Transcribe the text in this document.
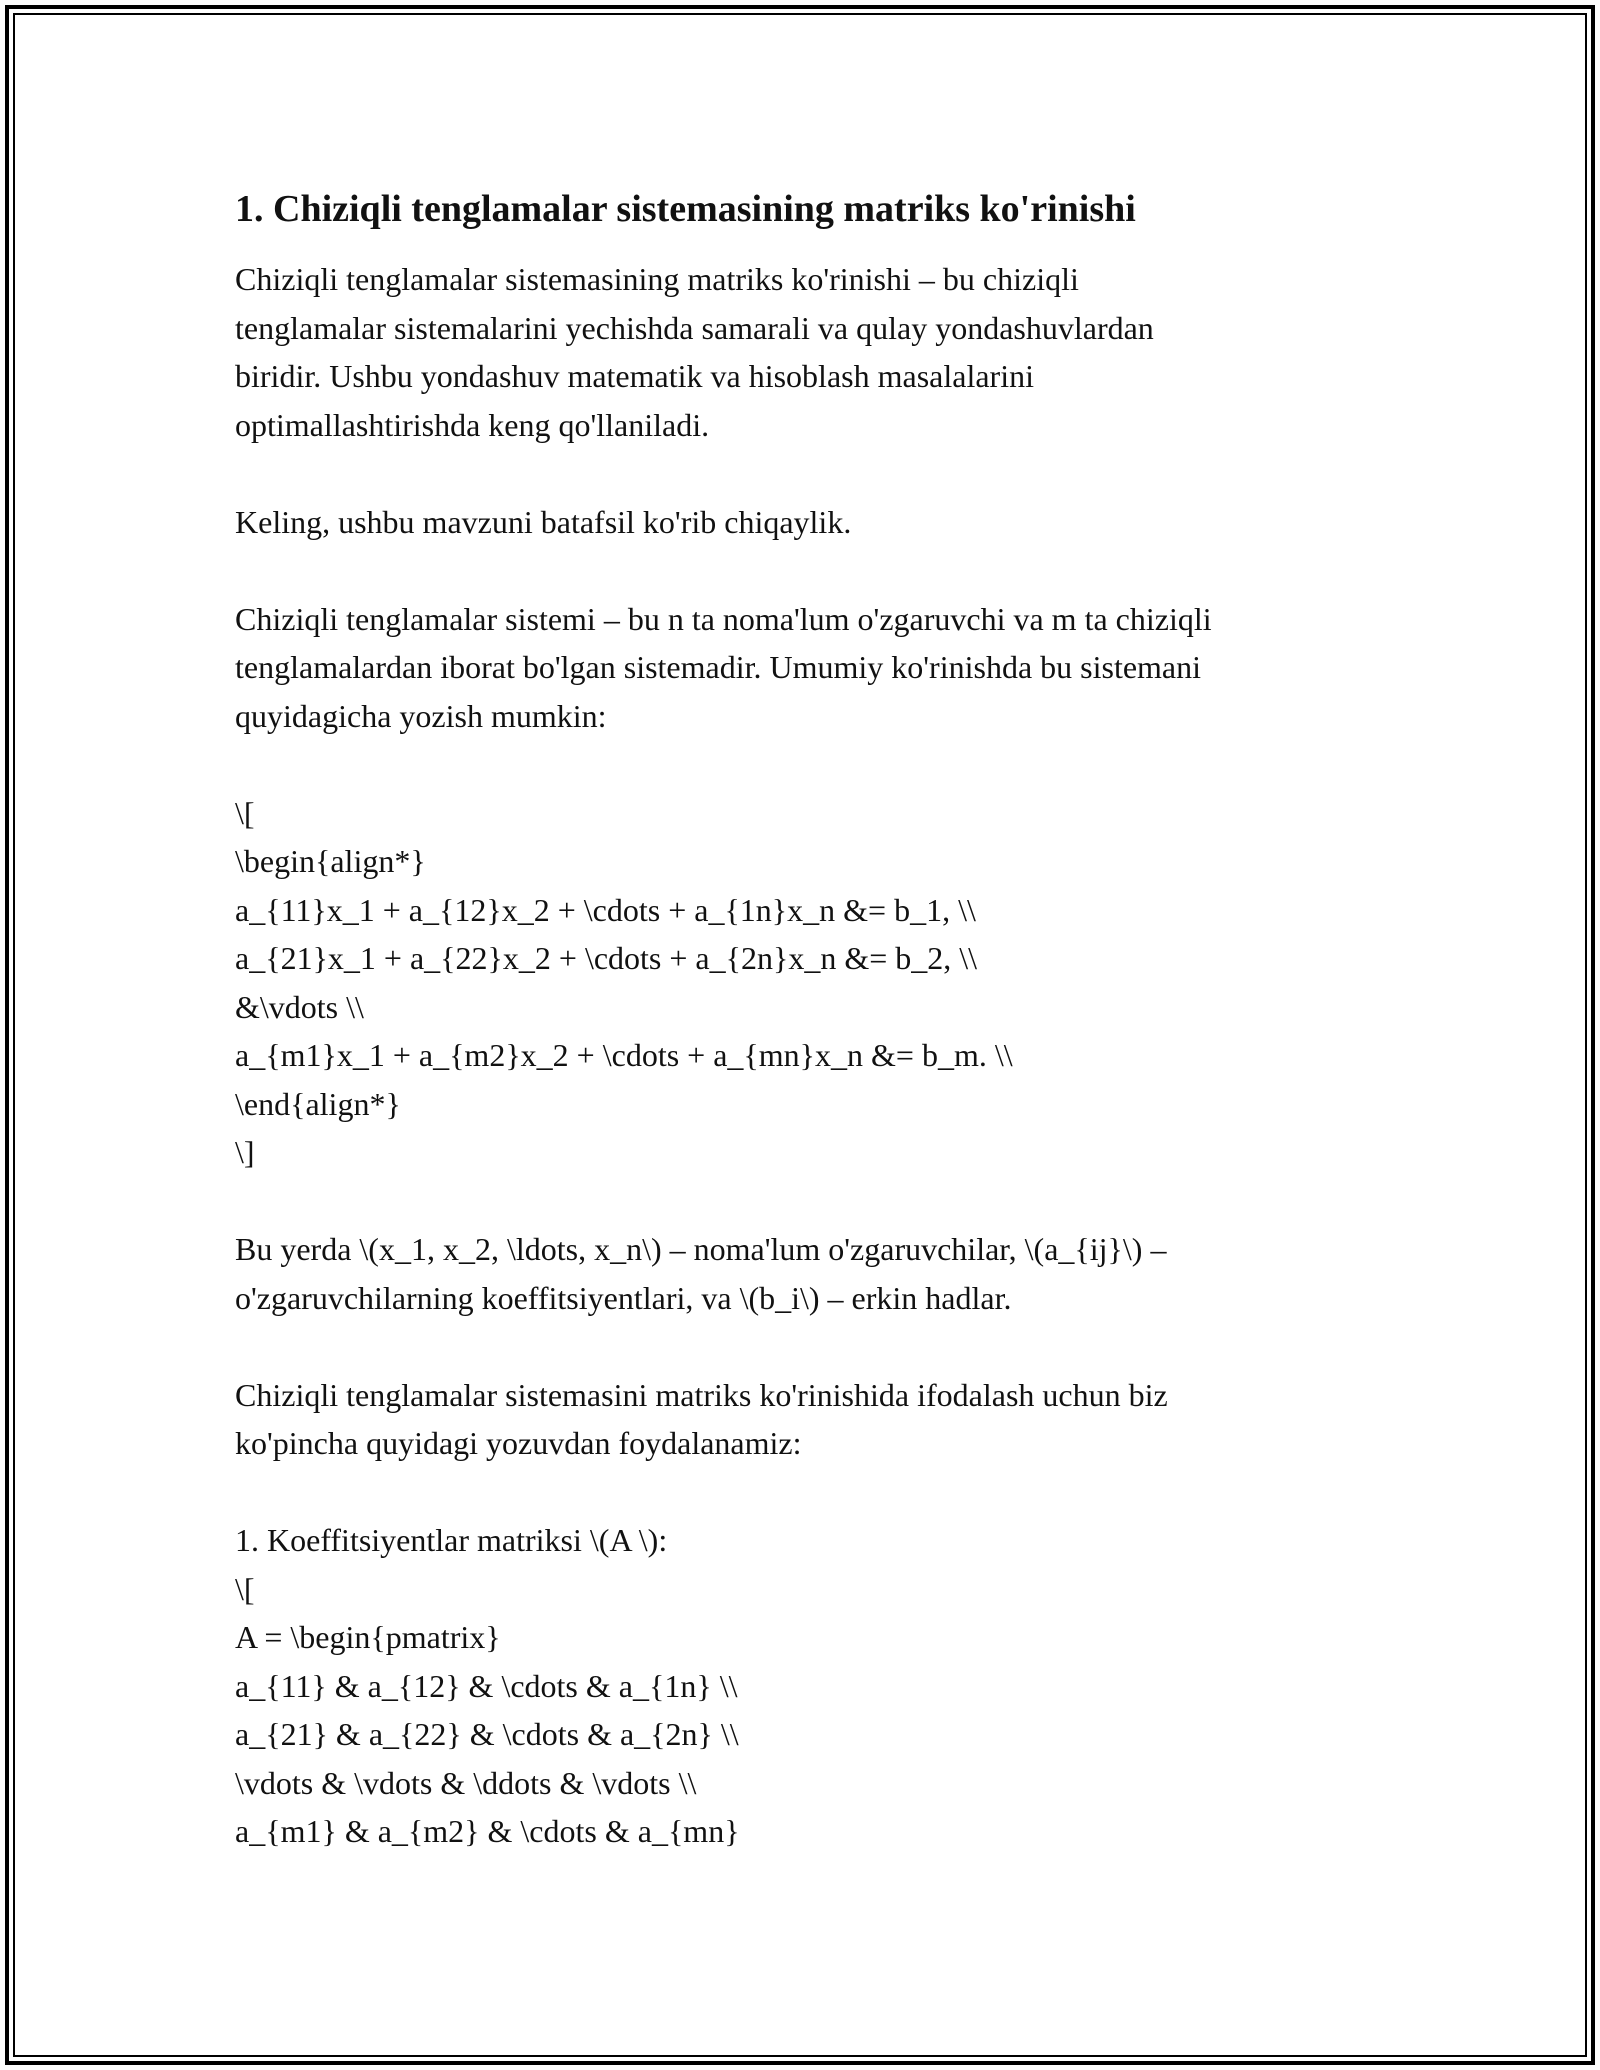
1. Chiziqli tenglamalar sistemasining matriks ko'rinishi

Chiziqli tenglamalar sistemasining matriks ko'rinishi – bu chiziqli
tenglamalar sistemalarini yechishda samarali va qulay yondashuvlardan
biridir. Ushbu yondashuv matematik va hisoblash masalalarini
optimallashtirishda keng qo'llaniladi.

Keling, ushbu mavzuni batafsil ko'rib chiqaylik.

Chiziqli tenglamalar sistemi – bu n ta noma'lum o'zgaruvchi va m ta chiziqli
tenglamalardan iborat bo'lgan sistemadir. Umumiy ko'rinishda bu sistemani
quyidagicha yozish mumkin:

\[
\begin{align*}
a_{11}x_1 + a_{12}x_2 + \cdots + a_{1n}x_n &= b_1, \\
a_{21}x_1 + a_{22}x_2 + \cdots + a_{2n}x_n &= b_2, \\
&\vdots \\
a_{m1}x_1 + a_{m2}x_2 + \cdots + a_{mn}x_n &= b_m. \\
\end{align*}
\]

Bu yerda \(x_1, x_2, \ldots, x_n\) – noma'lum o'zgaruvchilar, \(a_{ij}\) –
o'zgaruvchilarning koeffitsiyentlari, va \(b_i\) – erkin hadlar.

Chiziqli tenglamalar sistemasini matriks ko'rinishida ifodalash uchun biz
ko'pincha quyidagi yozuvdan foydalanamiz:

1. Koeffitsiyentlar matriksi \(A \):
\[
A = \begin{pmatrix}
a_{11} & a_{12} & \cdots & a_{1n} \\
a_{21} & a_{22} & \cdots & a_{2n} \\
\vdots & \vdots & \ddots & \vdots \\
a_{m1} & a_{m2} & \cdots & a_{mn}
